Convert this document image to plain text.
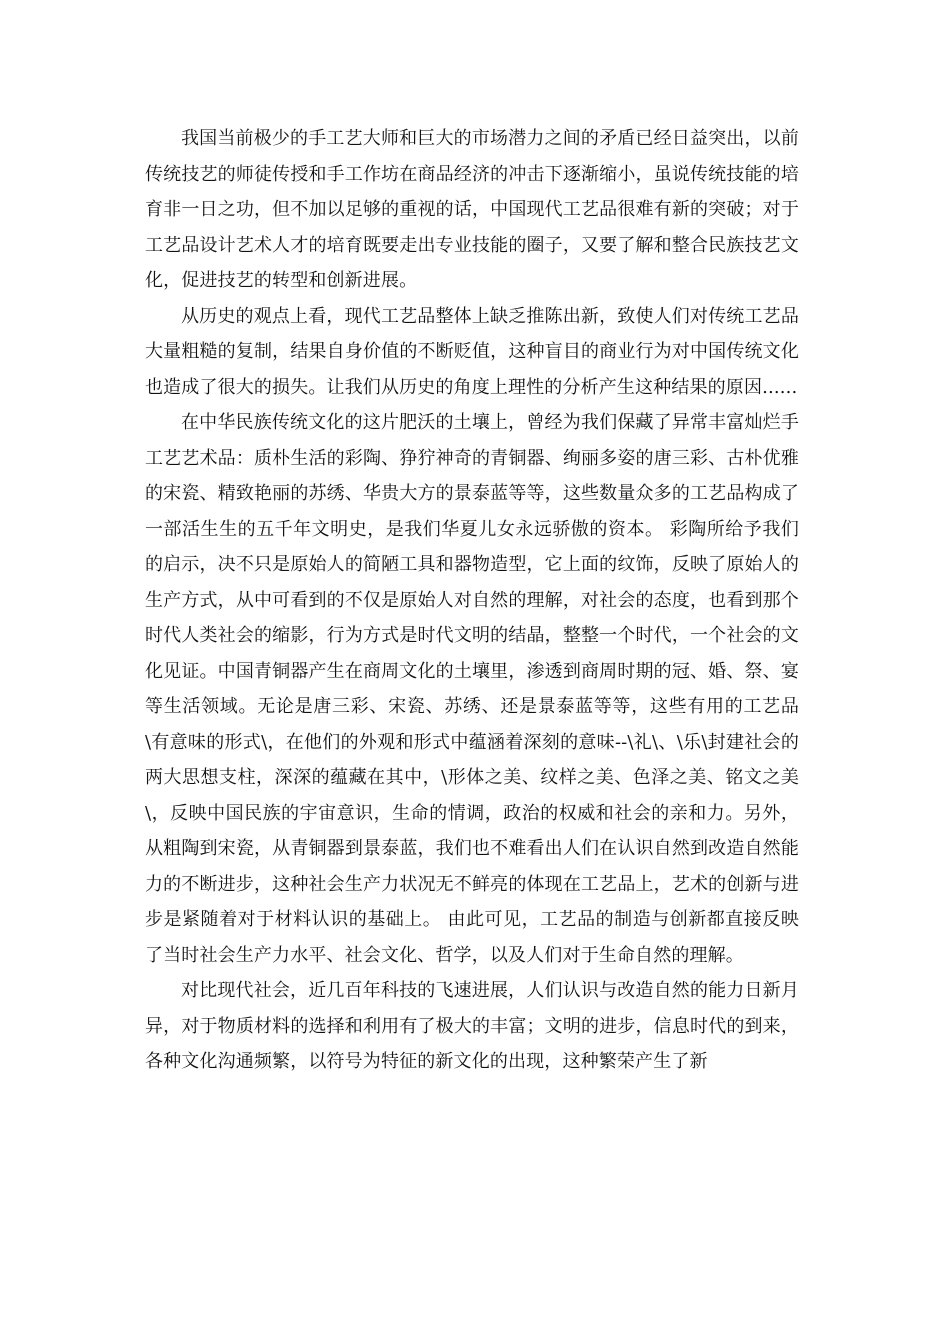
我国当前极少的手工艺大师和巨大的市场潜力之间的矛盾已经日益突出，以前传统技艺的师徒传授和手工作坊在商品经济的冲击下逐渐缩小，虽说传统技能的培育非一日之功，但不加以足够的重视的话，中国现代工艺品很难有新的突破；对于工艺品设计艺术人才的培育既要走出专业技能的圈子，又要了解和整合民族技艺文化，促进技艺的转型和创新进展。

从历史的观点上看，现代工艺品整体上缺乏推陈出新，致使人们对传统工艺品大量粗糙的复制，结果自身价值的不断贬值，这种盲目的商业行为对中国传统文化也造成了很大的损失。让我们从历史的角度上理性的分析产生这种结果的原因......

在中华民族传统文化的这片肥沃的土壤上，曾经为我们保藏了异常丰富灿烂手工艺艺术品：质朴生活的彩陶、狰狞神奇的青铜器、绚丽多姿的唐三彩、古朴优雅的宋瓷、精致艳丽的苏绣、华贵大方的景泰蓝等等，这些数量众多的工艺品构成了一部活生生的五千年文明史，是我们华夏儿女永远骄傲的资本。 彩陶所给予我们的启示，决不只是原始人的简陋工具和器物造型，它上面的纹饰，反映了原始人的生产方式，从中可看到的不仅是原始人对自然的理解，对社会的态度，也看到那个时代人类社会的缩影，行为方式是时代文明的结晶，整整一个时代，一个社会的文化见证。中国青铜器产生在商周文化的土壤里，渗透到商周时期的冠、婚、祭、宴等生活领域。无论是唐三彩、宋瓷、苏绣、还是景泰蓝等等，这些有用的工艺品\有意味的形式\，在他们的外观和形式中蕴涵着深刻的意味--\礼\、\乐\封建社会的两大思想支柱，深深的蕴藏在其中，\形体之美、纹样之美、色泽之美、铭文之美\，反映中国民族的宇宙意识，生命的情调，政治的权威和社会的亲和力。另外，从粗陶到宋瓷，从青铜器到景泰蓝，我们也不难看出人们在认识自然到改造自然能力的不断进步，这种社会生产力状况无不鲜亮的体现在工艺品上，艺术的创新与进步是紧随着对于材料认识的基础上。 由此可见，工艺品的制造与创新都直接反映了当时社会生产力水平、社会文化、哲学，以及人们对于生命自然的理解。

对比现代社会，近几百年科技的飞速进展，人们认识与改造自然的能力日新月异，对于物质材料的选择和利用有了极大的丰富；文明的进步，信息时代的到来，各种文化沟通频繁，以符号为特征的新文化的出现，这种繁荣产生了新
